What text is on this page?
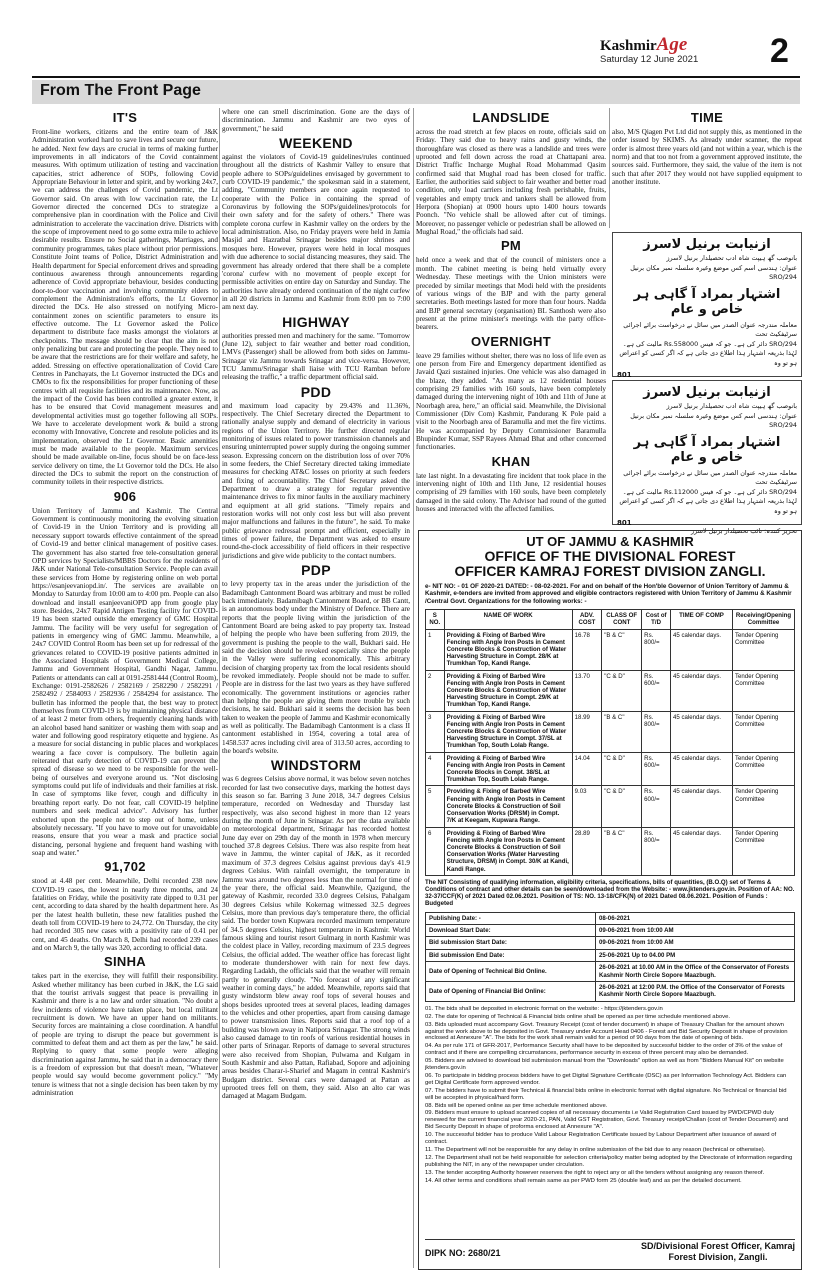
KashmirAge
Saturday 12 June 2021 2
From The Front Page
IT'S

Front-line workers, citizens and the entire team of J&K Administration worked hard to save lives and secure our future, he added. Next few days are crucial in terms of making further improvements in all indicators of the Covid containment measures. With optimum utilization of testing and vaccination capacities, strict adherence of SOPs, following Covid Appropriate Behaviour in letter and spirit, and by working 24x7, we can address the challenges of Covid pandemic, the Lt Governor said. On areas with low vaccination rate, the Lt Governor directed the concerned DCs to strategize a comprehensive plan in coordination with the Police and Civil administration to accelerate the vaccination drive. Districts with the scope of improvement need to go some extra mile to achieve desirable results. Ensure no Social gatherings, Marriages, and community programmes, takes place without prior permissions. Constitute Joint teams of Police, District Administration and Health department for Special enforcement drives and spreading continuous awareness through announcements regarding adherence of Covid appropriate behaviour, besides conducting door-to-door vaccination and involving community elders to complement the Administration's efforts, the Lt Governor directed the DCs. He also stressed on notifying Micro-containment zones on scientific parameters to ensure its effective outcome. The Lt Governor asked the Police department to distribute face masks amongst the violators at checkpoints. The message should be clear that the aim is not only penalizing but care and protecting the people. They need to be aware that the restrictions are for their welfare and safety, he added. Stressing on effective operationalization of Covid Care Centres in Panchayats, the Lt Governor instructed the DCs and CMOs to fix the responsibilities for proper functioning of these centres with all requisite facilities and its maintenance. Now, as the impact of the Covid has been controlled a greater extent, it has to be ensured that Covid management measures and developmental activities must go together following all SOPs. We have to accelerate development work & build a strong economy with Innovative, Concrete and resolute policies and its implementation, observed the Lt Governor. Basic amenities must be made available to the people. Maximum services should be made available on-line, focus should be on face-less service delivery on time, the Lt Governor told the DCs. He also directed the DCs to submit the report on the construction of community toilets in their respective districts.

906

Union Territory of Jammu and Kashmir. The Central Government is continuously monitoring the evolving situation of Covid-19 in the Union Territory and is providing all necessary support towards effective containment of the spread of Covid-19 and better clinical management of positive cases. The government has also started free tele-consultation general OPD services by Specialists/MBBS Doctors for the residents of J&K under National Tele-consultation Service. People can avail these services from Home by registering online on web portal https://esanjeevaniopd.in/. The services are available on Monday to Saturday from 10:00 am to 4:00 pm. People can also download and install esanjeevaniOPD app from google play store. Besides, 24x7 Rapid Antigen Testing facility for COVID-19 has been started outside the emergency of GMC Hospital Jammu. The facility will be very useful for segregation of patients in emergency wing of GMC Jammu. Meanwhile, a 24x7 COVID Control Room has been set up for redressal of the grievances related to COVID-19 positive patients admitted in the Associated Hospitals of Government Medical College, Jammu and Government Hospital, Gandhi Nagar, Jammu. Patients or attendants can call at 0191-2581444 (Control Room), Exchange: 0191-2582626 / 2582169 / 2582290 / 2582291 / 2582492 / 2584093 / 2582936 / 2584294 for assistance. The bulletin has informed the people that, the best way to protect themselves from COVID-19 is by maintaining physical distance of at least 2 meter from others, frequently cleaning hands with an alcohol based hand sanitizer or washing them with soap and water and following good respiratory etiquette and hygiene. As a measure for social distancing in public places and workplaces wearing a face cover is compulsory. The bulletin again reiterated that early detection of COVID-19 can prevent the spread of disease so we need to be responsible for the well-being of ourselves and everyone around us. "Not disclosing symptoms could put life of individuals and their families at risk. In case of symptoms like fever, cough and difficulty in breathing report early. Do not fear, call COVID-19 helpline numbers and seek medical advice". Advisory has further exhorted upon the people not to step out of home, unless absolutely necessary. "If you have to move out for unavoidable reasons, ensure that you wear a mask and practice social distancing, personal hygiene and frequent hand washing with soap and water."

91,702

stood at 4.48 per cent. Meanwhile, Delhi recorded 238 new COVID-19 cases, the lowest in nearly three months, and 24 fatalities on Friday, while the positivity rate dipped to 0.31 per cent, according to data shared by the health department here. As per the latest health bulletin, these new fatalities pushed the death toll from COVID-19 here to 24,772. On Thursday, the city had recorded 305 new cases with a positivity rate of 0.41 per cent, and 45 deaths. On March 8, Delhi had recorded 239 cases and on March 9, the tally was 320, according to official data.

SINHA

takes part in the exercise, they will fulfill their responsibility. Asked whether militancy has been curbed in J&K, the LG said that the tourist arrivals suggest that peace is prevailing in Kashmir and there is a no law and order situation. "No doubt a few incidents of violence have taken place, but local militant recruitment is down. We have an upper hand on militants. Security forces are maintaining a close coordination. A handful of people are trying to disrupt the peace but government is committed to defeat them and act them as per the law," he said. Replying to query that some people were alleging discrimination against Jammu, he said that in a democracy there is a freedom of expression but that doesn't mean, "Whatever people would say would become government policy." "My tenure is witness that not a single decision has been taken by my administration

where one can smell discrimination. Gone are the days of discrimination. Jammu and Kashmir are two eyes of government," he said

WEEKEND

against the violators of Covid-19 guidelines/rules continued throughout all the districts of Kashmir Valley to ensure that people adhere to SOPs/guidelines envisaged by government to curb COVID-19 pandemic," the spokesman said in a statement, adding, "Community members are once again requested to cooperate with the Police in containing the spread of Coronavirus by following the SOPs/guidelines/protocols for their own safety and for the safety of others." There was complete corona curfew in Kashmir valley on the orders by the local administration. Also, no Friday prayers were held in Jamia Masjid and Hazratbal Srinagar besides major shrines and mosques here. However, prayers were held in local mosques with due adherence to social distancing measures, they said. The government has already ordered that there shall be a complete 'corona' curfew with no movement of people except for permissible activities on entire day on Saturday and Sunday. The authorities have already ordered continuation of the night curfew in all 20 districts in Jammu and Kashmir from 8:00 pm to 7:00 am next day.

HIGHWAY

authorities pressed men and machinery for the same. "Tomorrow (June 12), subject to fair weather and better road condition, LMVs (Passenger) shall be allowed from both sides on Jammu-Srinagar viz Jammu towards Srinagar and vice-versa. However, TCU Jammu/Srinagar shall liaise with TCU Ramban before releasing the traffic," a traffic department official said.

PDD

and maximum load capacity by 29.43% and 11.36%, respectively. The Chief Secretary directed the Department to rationally analyse supply and demand of electricity in various regions of the Union Territory. He further directed regular monitoring of issues related to power transmission channels and ensuring uninterrupted power supply during the ongoing summer season. Expressing concern on the distribution loss of over 70% in some feeders, the Chief Secretary directed taking immediate measures for checking AT&C losses on priority at such feeders and fixing of accountability. The Chief Secretary asked the Department to draw a strategy for regular preventive maintenance drives to fix minor faults in the auxiliary machinery and equipment at all grid stations. "Timely repairs and restoration works will not only cost less but will also prevent major malfunctions and failures in the future", he said. To make public grievance redressal prompt and efficient, especially in times of power failure, the Department was asked to ensure round-the-clock accessibility of field officers in their respective jurisdictions and give wide publicity to the contact numbers.

PDP

to levy property tax in the areas under the jurisdiction of the Badamibagh Cantonment Board was arbitrary and must be rolled back immediately. Badamibagh Cantonment Board, or BB Cantt, is an autonomous body under the Ministry of Defence. There are reports that the people living within the jurisdiction of the Cantonment Board are being asked to pay property tax. Instead of helping the people who have been suffering from 2019, the government is pushing the people to the wall, Bukhari said. He said the decision should be revoked especially since the people in the Valley were suffering economically. This arbitrary decision of charging property tax from the local residents should be revoked immediately. People should not be made to suffer. People are in distress for the last two years as they have suffered economically. The government institutions or agencies rather than helping the people are giving them more trouble by such decisions, he said. Bukhari said it seems the decision has been taken to weaken the people of Jammu and Kashmir economically as well as politically. The Badamibagh Cantonment is a class II cantonment established in 1954, covering a total area of 1458.537 acres including civil area of 313.50 acres, according to the board's website.

WINDSTORM

was 6 degrees Celsius above normal, it was below seven notches recorded for last two consecutive days, marking the hottest days this season so far. Barring 3 June 2018, 34.7 degrees Celsius temperature, recorded on Wednesday and Thursday last respectively, was also second highest in more than 12 years during the month of June in Srinagar. As per the data available on meteorological department, Srinagar has recorded hottest June day ever on 29th day of the month in 1978 when mercury touched 37.8 degrees Celsius. There was also respite from heat wave in Jammu, the winter capital of J&K, as it recorded maximum of 37.3 degrees Celsius against previous day's 41.9 degrees Celsius. With rainfall overnight, the temperature in Jammu was around two degrees less than the normal for time of the year there, the official said. Meanwhile, Qazigund, the gateway of Kashmir, recorded 33.0 degrees Celsius, Pahalgam 30 degrees Celsius while Kokernag witnessed 32.5 degrees Celsius, more than previous day's temperature there, the official said. The border town Kupwara recorded maximum temperature of 34.5 degrees Celsius, highest temperature in Kashmir. World famous skiing and tourist resort Gulmarg in north Kashmir was the coldest place in Valley, recording maximum of 23.5 degrees Celsius, the official added. The weather office has forecast light to moderate thundershower with rain for next few days. Regarding Ladakh, the officials said that the weather will remain partly to generally cloudy. "No forecast of any significant weather in coming days," he added. Meanwhile, reports said that gusty windstorm blew away roof tops of several houses and shops besides uprooted trees at several places, leading damages to the vehicles and other properties, apart from causing damage to power transmission lines. Reports said that a roof top of a building was blown away in Natipora Srinagar. The strong winds also caused damage to tin roofs of various residential houses in other parts of Srinagar. Reports of damage to several structures were also received from Shopian, Pulwama and Kulgam in South Kashmir and also Pattan, Rafiabad, Sopore and adjoining areas besides Charar-i-Sharief and Magam in central Kashmir's Budgam district. Several cars were damaged at Pattan as uprooted trees fell on them, they said. Also an alto car was damaged at Magam Budgam.

LANDSLIDE

across the road stretch at few places en route, officials said on Friday. They said due to heavy rains and gusty winds, the thoroughfare was closed as there was a landslide and trees were uprooted and fell down across the road at Chattapani area. District Traffic Incharge Mughal Road Mohammad Qasim confirmed said that Mughal road has been closed for traffic. Earlier, the authorities said subject to fair weather and better road condition, only load carriers including fresh perishable, fruits, vegetables and empty truck and tankers shall be allowed from Herpora (Shopian) at 0900 hours upto 1400 hours towards Poonch. "No vehicle shall be allowed after cut of timings. Moreover, no passenger vehicle or pedestrian shall be allowed on Mughal Road," the officials had said.

PM

held once a week and that of the council of ministers once a month. The cabinet meeting is being held virtually every Wednesday. These meetings with the Union ministers were preceded by similar meetings that Modi held with the presidents of various wings of the BJP and with the party general secretaries. Both meetings lasted for more than four hours. Nadda and BJP general secretary (organisation) BL Santhosh were also present at the prime minister's meetings with the party office-bearers.

OVERNIGHT

leave 29 families without shelter, there was no loss of life even as one person from Fire and Emergency department identified as Javaid Qazi sustained injuries. One vehicle was also damaged in the blaze, they added. "As many as 12 residential houses comprising 29 families with 160 souls, have been completely damaged during the intervening night of 10th and 11th of June at Noorbagh area, here," an official said. Meanwhile, the Divisional Commissioner (Div Com) Kashmir, Pandurang K Pole paid a visit to the Noorbagh area of Baramulla and met the fire victims. He was accompanied by Deputy Commissioner Baramulla Bhupinder Kumar, SSP Rayees Ahmad Bhat and other concerned functionaries.

KHAN

late last night. In a devastating fire incident that took place in the intervening night of 10th and 11th June, 12 residential houses comprising of 29 families with 160 souls, have been completely damaged in the said colony. The Advisor had round of the gutted houses and interacted with the affected families.

TIME

also, M/S Qiagen Pvt Ltd did not supply this, as mentioned in the order issued by SKIMS. As already under scanner, the repeat order is almost three years old (and not within a year, which is the norm) and that too not from a government approved institute, the sources said. Furthermore, they said, the value of the item is not such that after 2017 they would not have supplied equipment to another institute.

ازنیابت برنیل لاسرز
بانوصب گھ ہیپت شاہ ادب تحصیلدار برنیل لاسرز
عنوان: ہندسی اسم کس موضع وغیرہ سلسلہ نمبر مکان برنیل
SRO/294
اشتہار بمراد آ گاہی ہر خاص و عام
معاملہ مندرجہ عنوان الصدر میں سائل نے درخواست برائے اجرائی سرٹیفکیٹ تحت
SRO/294 دائر کی ہے۔ جو کہ فیس Rs.558000 مالیت کی ہے۔
لہٰذا بذریعہ اشتہار ہذا اطلاع دی جاتی ہے کہ اگر کسی کو اعتراض ہو تو وہ
801
ازنیابت برنیل لاسرز
بانوصب گھ ہیپت شاہ ادب تحصیلدار برنیل لاسرز
عنوان: ہندسی اسم کس موضع وغیرہ سلسلہ نمبر مکان برنیل
SRO/294
اشتہار بمراد آ گاہی ہر خاص و عام
معاملہ مندرجہ عنوان الصدر میں سائل نے درخواست برائے اجرائی سرٹیفکیٹ تحت
SRO/294 دائر کی ہے۔ جو کہ فیس Rs.112000 مالیت کی ہے۔
لہٰذا بذریعہ اشتہار ہذا اطلاع دی جاتی ہے کہ اگر کسی کو اعتراض ہو تو وہ
801
تحریر کنندہ: نائب تحصیلدار برنیل لاسرز
UT OF JAMMU & KASHMIR
OFFICE OF THE DIVISIONAL FOREST
OFFICER KAMRAJ FOREST DIVISION ZANGLI.
e- NIT NO: - 01 OF 2020-21 DATED: - 08-02-2021. For and on behalf of the Hon'ble Governor of Union Territory of Jammu & Kashmir, e-tenders are invited from approved and eligible contractors registered with Union Territory of Jammu & Kashmir /Central Govt. Organizations for the following works: -
S NO.	NAME OF WORK	ADV. COST	CLASS OF CONT	Cost of T/D	TIME OF COMP	Receiving/Opening Committee
1	Providing & Fixing of Barbed Wire Fencing with Angle Iron Posts in Cement Concrete Blocks & Construction of Water Harvesting Structure in Compt. 28/K at Trumkhan Top, Kandi Range.	16.78	"B & C"	Rs. 800/=	45 calendar days.	Tender Opening Committee
2	Providing & Fixing of Barbed Wire Fencing with Angle Iron Posts in Cement Concrete Blocks & Construction of Water Harvesting Structure in Compt. 29/K at Trumkhan Top, Kandi Range.	13.70	"C & D"	Rs. 600/=	45 calendar days.	Tender Opening Committee
3	Providing & Fixing of Barbed Wire Fencing with Angle Iron Posts in Cement Concrete Blocks & Construction of Water Harvesting Structure in Compt. 37/SL at Trumkhan Top, South Lolab Range.	18.99	"B & C"	Rs. 800/=	45 calendar days.	Tender Opening Committee
4	Providing & Fixing of Barbed Wire Fencing with Angle Iron Posts in Cement Concrete Blocks in Compt. 38/SL at Trumkhan Top, South Lolab Range.	14.04	"C & D"	Rs. 600/=	45 calendar days.	Tender Opening Committee
5	Providing & Fixing of Barbed Wire Fencing with Angle Iron Posts in Cement Concrete Blocks & Construction of Soil Conservation Works (DRSM) in Compt. 7/K at Keegam, Kupwara Range.	9.03	"C & D"	Rs. 600/=	45 calendar days.	Tender Opening Committee
6	Providing & Fixing of Barbed Wire Fencing with Angle Iron Posts in Cement Concrete Blocks & Construction of Soil Conservation Works (Water Harvesting Structure, DRSM) in Compt. 30/K at Kandi, Kandi Range.	28.89	"B & C"	Rs. 800/=	45 calendar days.	Tender Opening Committee
The NIT Consisting of qualifying information, eligibility criteria, specifications, bills of quantities, (B.O.Q) set of Terms & Conditions of contract and other details can be seen/downloaded from the Website: - www.jktenders.gov.in. Position of AA: NO. 32-37/CCF(K) of 2021 Dated 02.06.2021. Position of TS: NO. 13-18/CFK(N) of 2021 Dated 08.06.2021. Position of Funds : Budgeted
Publishing Date: -	08-06-2021
Download Start Date:	09-06-2021 from 10:00 AM
Bid submission Start Date:	09-06-2021 from 10:00 AM
Bid submission End Date:	25-06-2021 Up to 04.00 PM
Date of Opening of Technical Bid Online.	26-06-2021 at 10.00 AM in the Office of the Conservator of Forests Kashmir North Circle Sopore Maazbugh.
Date of Opening of Financial Bid Online:	26-06-2021 at 12:00 P.M. the Office of the Conservator of Forests Kashmir North Circle Sopore Maazbugh.

01. The bids shall be deposited in electronic format on the website: - https://jktenders.gov.in

02. The date for opening of Technical & Financial bids online shall be opened as per time schedule mentioned above.

03. Bids uploaded must accompany Govt. Treasury Receipt (cost of tender document) in shape of Treasury Challan for the amount shown against the work above to be deposited in Govt. Treasury under Account Head 0406 - Forest and Bid Security Deposit in shape of provision enclosed at Annexure "A". The bids for the work shall remain valid for a period of 90 days from the date of opening of bids.

04. As per rule 171 of GFR-2017, Performance Security shall have to be deposited by successful bidder to the order of 3% of the value of contract and if there are compelling circumstances, performance security in excess of three percent may also be demanded.

05. Bidders are advised to download bid submission manual from the "Downloads" option as well as from "Bidders Manual Kit" on website jktenders.gov.in

06. To participate in bidding process bidders have to get Digital Signature Certificate (DSC) as per Information Technology Act. Bidders can get Digital Certificate form approved vendor.

07. The bidders have to submit their Technical & financial bids online in electronic format with digital signature. No Technical or financial bid will be accepted in physical/hard form.

08. Bids will be opened online as per time schedule mentioned above.

09. Bidders must ensure to upload scanned copies of all necessary documents i.e Valid Registration Card issued by PWD/CPWD duly renewed for the current financial year 2020-21, PAN, Valid GST Registration, Govt. Treasury receipt/Challan (cost of Tender Document) and Bid Security Deposit in shape of proforma enclosed at Annexure "A".

10. The successful bidder has to produce Valid Labour Registration Certificate issued by Labour Department after issuance of award of contract.

11. The Department will not be responsible for any delay in online submission of the bid due to any reason (technical or otherwise).

12. The Department shall not be held responsible for selection criteria/policy matter being adopted by the Directorate of information regarding publishing the NIT, in any of the newspaper under circulation.

13. The tender accepting Authority however reserves the right to reject any or all the tenders without assigning any reason thereof.

14. All other terms and conditions shall remain same as per PWD form 25 (double leaf) and as per the detailed document.

DIPK NO: 2680/21
SD/Divisional Forest Officer, Kamraj
Forest Division, Zangli.
